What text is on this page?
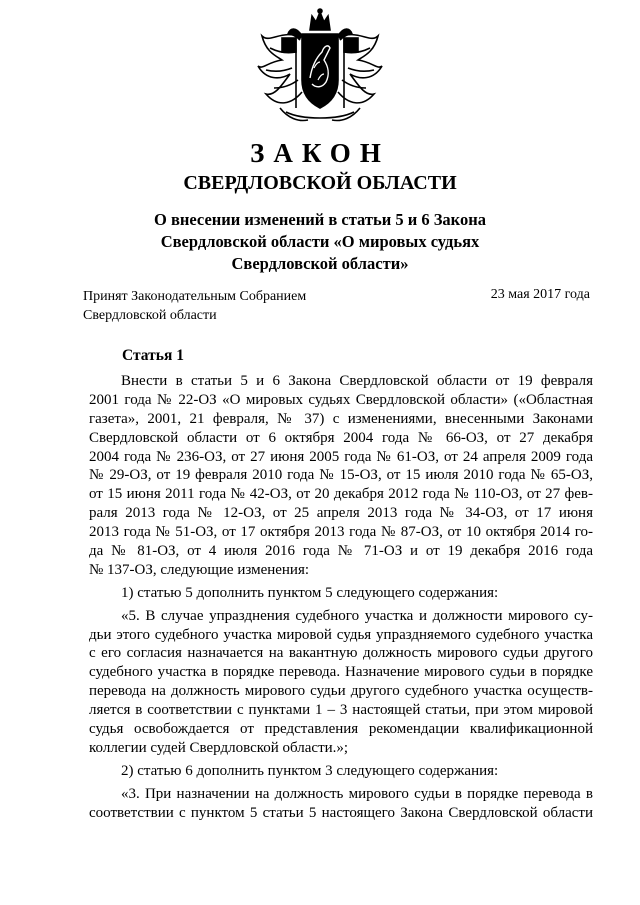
ЗАКОН
СВЕРДЛОВСКОЙ ОБЛАСТИ
О внесении изменений в статьи 5 и 6 Закона
Свердловской области «О мировых судьях
Свердловской области»
Принят Законодательным Собранием
Свердловской области
23 мая 2017 года
Статья 1
Внести в статьи 5 и 6 Закона Свердловской области от 19 февраля
2001 года № 22-ОЗ «О мировых судьях Свердловской области» («Областная
газета», 2001, 21 февраля, № 37) с изменениями, внесенными Законами
Свердловской области от 6 октября 2004 года № 66-ОЗ, от 27 декабря
2004 года № 236-ОЗ, от 27 июня 2005 года № 61-ОЗ, от 24 апреля 2009 года
№ 29-ОЗ, от 19 февраля 2010 года № 15-ОЗ, от 15 июля 2010 года № 65-ОЗ,
от 15 июня 2011 года № 42-ОЗ, от 20 декабря 2012 года № 110-ОЗ, от 27 фев-
раля 2013 года № 12-ОЗ, от 25 апреля 2013 года № 34-ОЗ, от 17 июня
2013 года № 51-ОЗ, от 17 октября 2013 года № 87-ОЗ, от 10 октября 2014 го-
да № 81-ОЗ, от 4 июля 2016 года № 71-ОЗ и от 19 декабря 2016 года
№ 137-ОЗ, следующие изменения:
1) статью 5 дополнить пунктом 5 следующего содержания:
«5. В случае упразднения судебного участка и должности мирового су-
дьи этого судебного участка мировой судья упраздняемого судебного участка
с его согласия назначается на вакантную должность мирового судьи другого
судебного участка в порядке перевода. Назначение мирового судьи в порядке
перевода на должность мирового судьи другого судебного участка осуществ-
ляется в соответствии с пунктами 1 – 3 настоящей статьи, при этом мировой
судья освобождается от представления рекомендации квалификационной
коллегии судей Свердловской области.»;
2) статью 6 дополнить пунктом 3 следующего содержания:
«3. При назначении на должность мирового судьи в порядке перевода в
соответствии с пунктом 5 статьи 5 настоящего Закона Свердловской области
